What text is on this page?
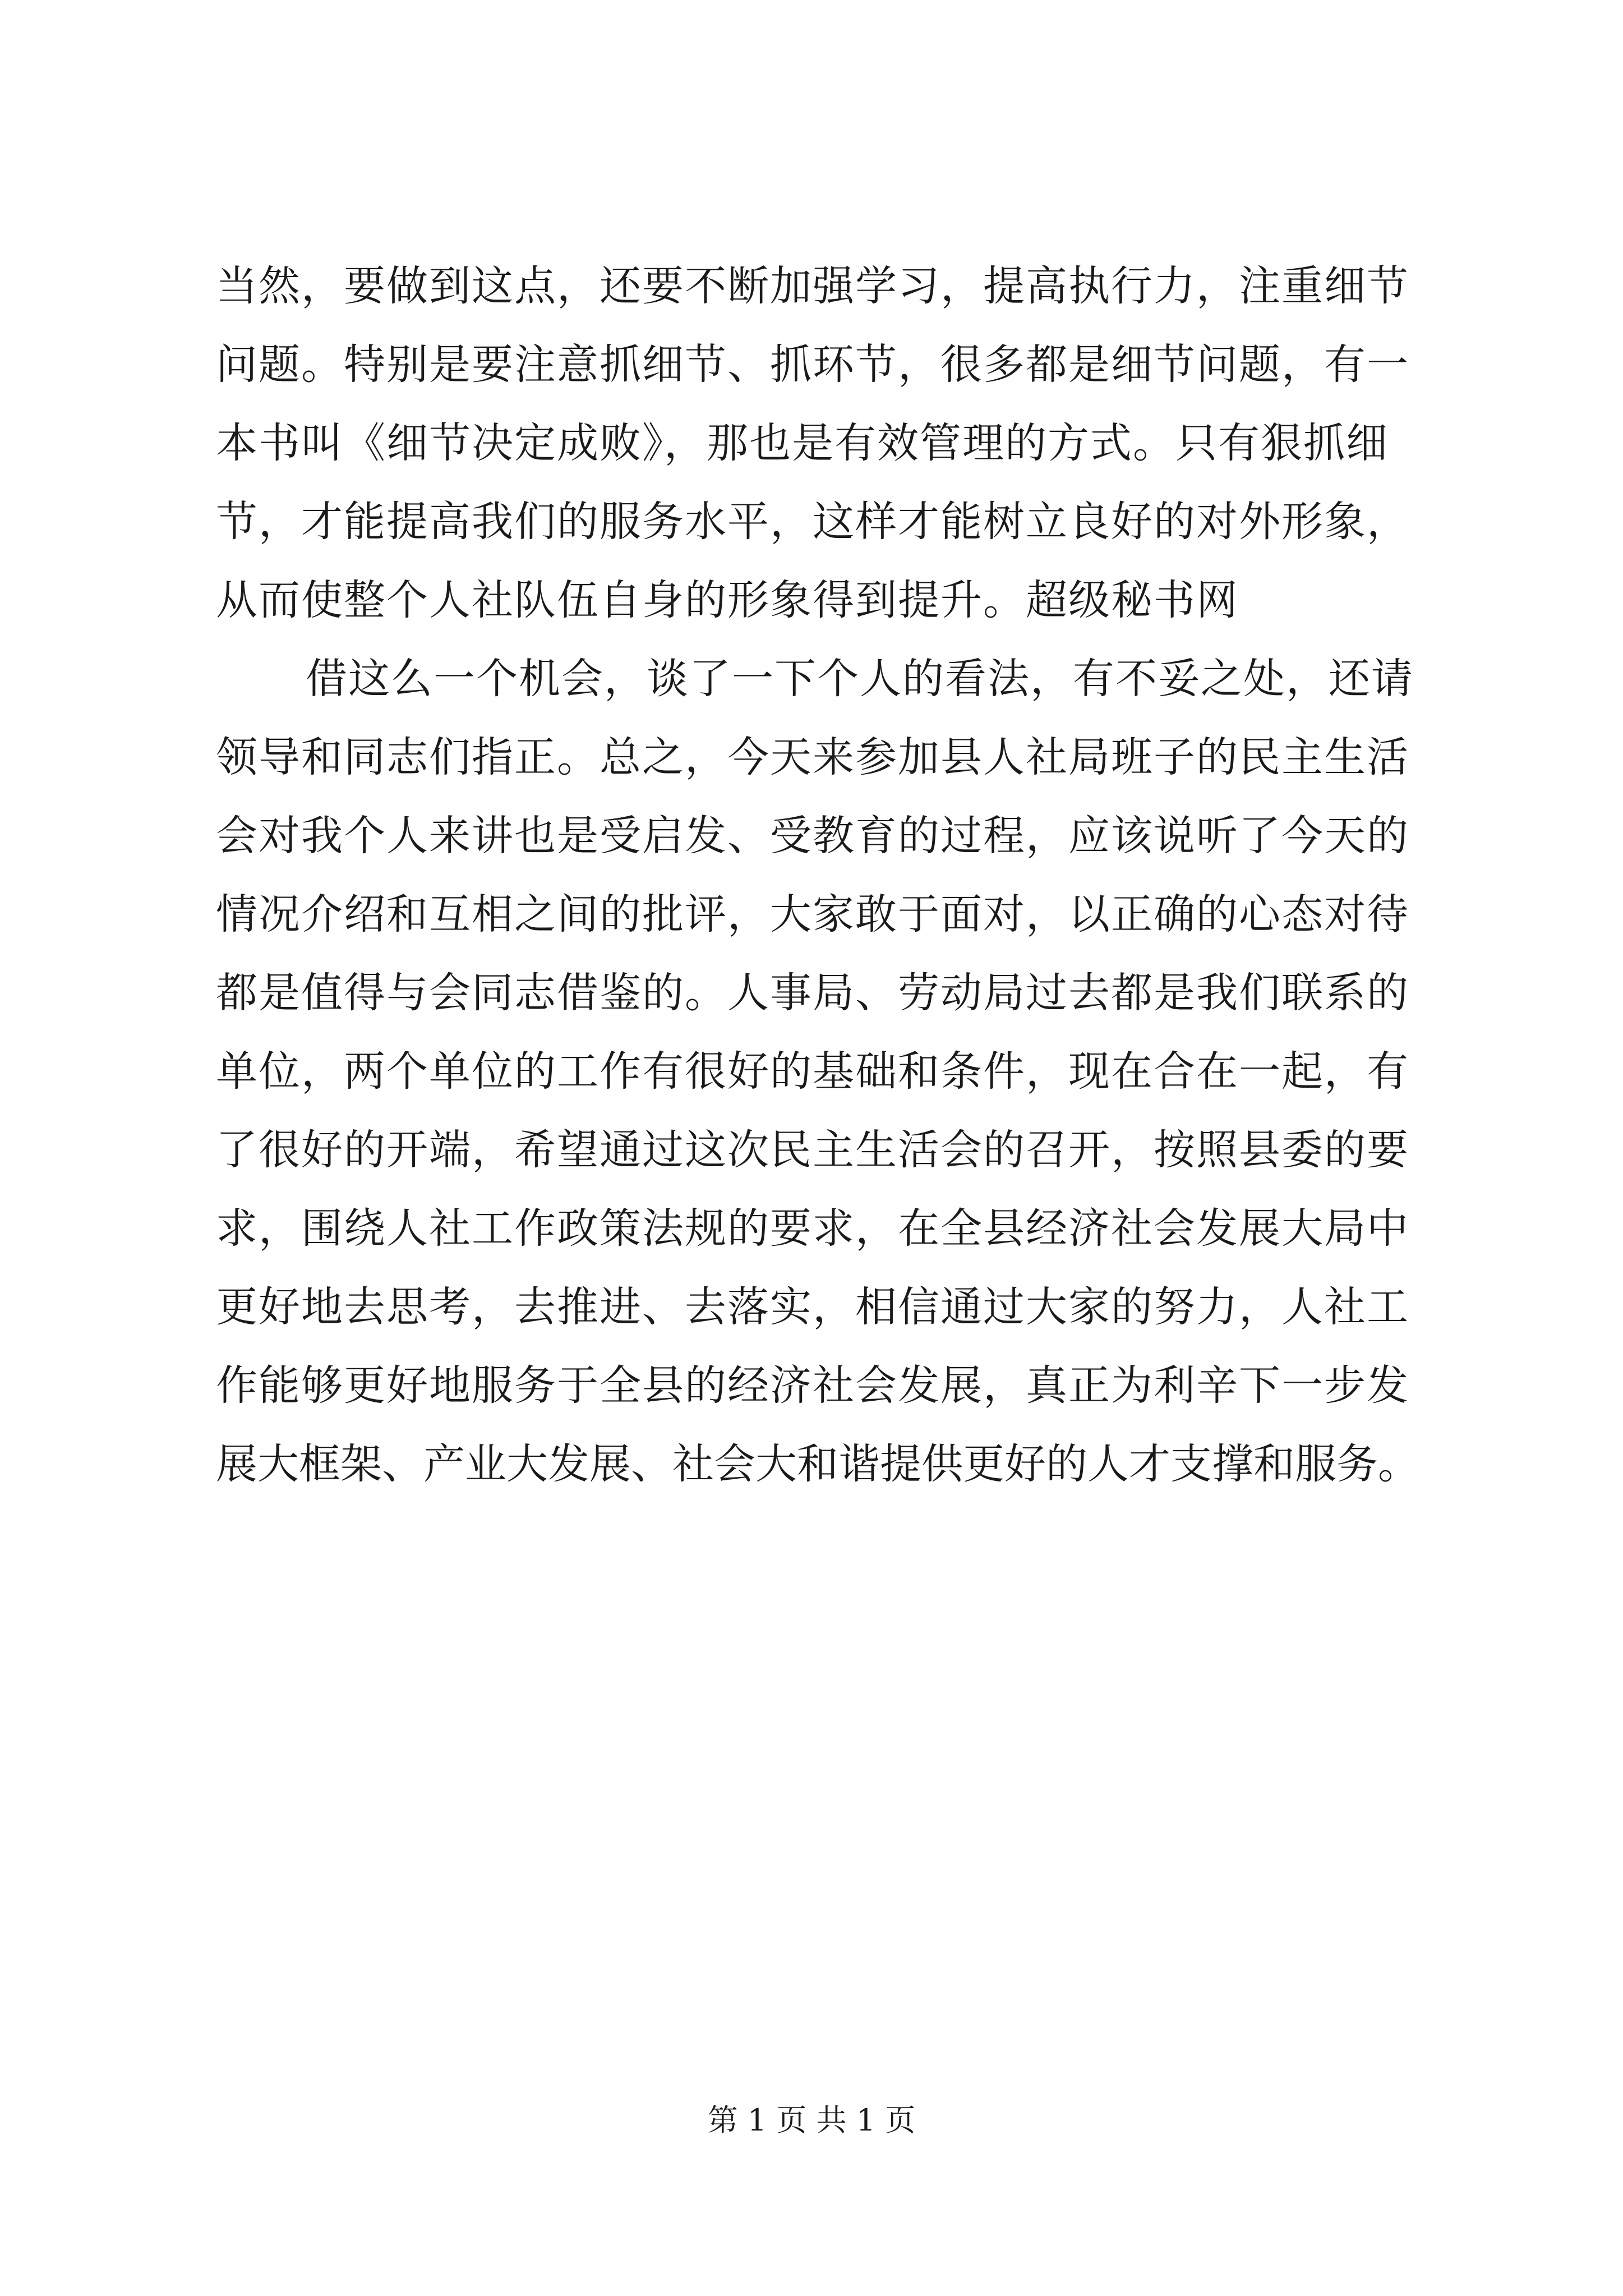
当然，要做到这点，还要不断加强学习，提高执行力，注重细节
问题。特别是要注意抓细节、抓环节，很多都是细节问题，有一
本书叫《细节决定成败》，那也是有效管理的方式。只有狠抓细
节，才能提高我们的服务水平，这样才能树立良好的对外形象，
从而使整个人社队伍自身的形象得到提升。超级秘书网
借这么一个机会，谈了一下个人的看法，有不妥之处，还请
领导和同志们指正。总之，今天来参加县人社局班子的民主生活
会对我个人来讲也是受启发、受教育的过程，应该说听了今天的
情况介绍和互相之间的批评，大家敢于面对，以正确的心态对待
都是值得与会同志借鉴的。人事局、劳动局过去都是我们联系的
单位，两个单位的工作有很好的基础和条件，现在合在一起，有
了很好的开端，希望通过这次民主生活会的召开，按照县委的要
求，围绕人社工作政策法规的要求，在全县经济社会发展大局中
更好地去思考，去推进、去落实，相信通过大家的努力，人社工
作能够更好地服务于全县的经济社会发展，真正为利辛下一步发
展大框架、产业大发展、社会大和谐提供更好的人才支撑和服务。
第 1 页 共 1 页
